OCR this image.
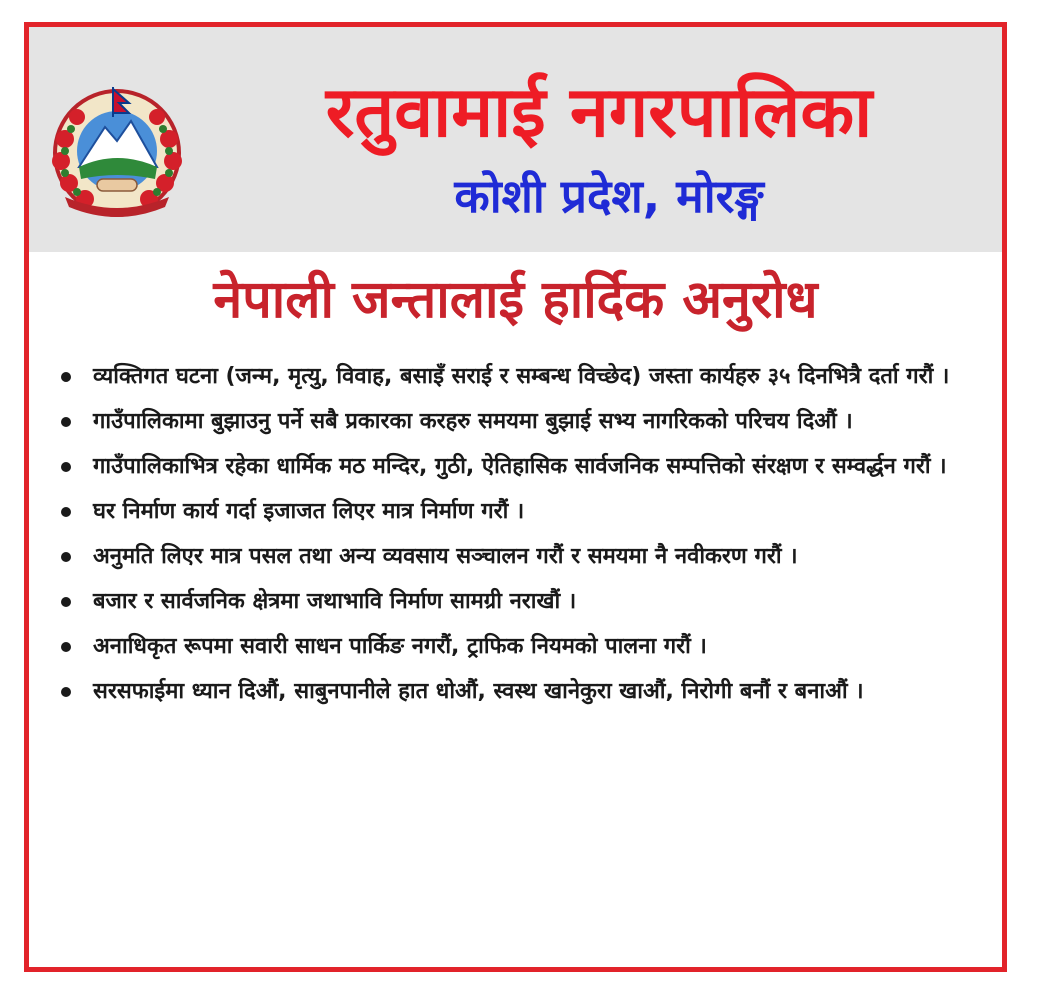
रतुवामाई नगरपालिका
कोशी प्रदेश, मोरङ्ग
नेपाली जन्तालाई हार्दिक अनुरोध
व्यक्तिगत घटना (जन्म, मृत्यु, विवाह, बसाइँ सराई र सम्बन्ध विच्छेद) जस्ता कार्यहरु ३५ दिनभित्रै दर्ता गरौं ।
गाउँपालिकामा बुझाउनु पर्ने सबै प्रकारका करहरु समयमा बुझाई सभ्य नागरिकको परिचय दिऔं ।
गाउँपालिकाभित्र रहेका धार्मिक मठ मन्दिर, गुठी, ऐतिहासिक सार्वजनिक सम्पत्तिको संरक्षण र सम्वर्द्धन गरौं ।
घर निर्माण कार्य गर्दा इजाजत लिएर मात्र निर्माण गरौं ।
अनुमति लिएर मात्र पसल तथा अन्य व्यवसाय सञ्चालन गरौं र समयमा नै नवीकरण गरौं ।
बजार र सार्वजनिक क्षेत्रमा जथाभावि निर्माण सामग्री नराखौं ।
अनाधिकृत रूपमा सवारी साधन पार्किङ नगरौं, ट्राफिक नियमको पालना गरौं ।
सरसफाईमा ध्यान दिऔं, साबुनपानीले हात धोऔं, स्वस्थ खानेकुरा खाऔं, निरोगी बनौं र बनाऔं ।
